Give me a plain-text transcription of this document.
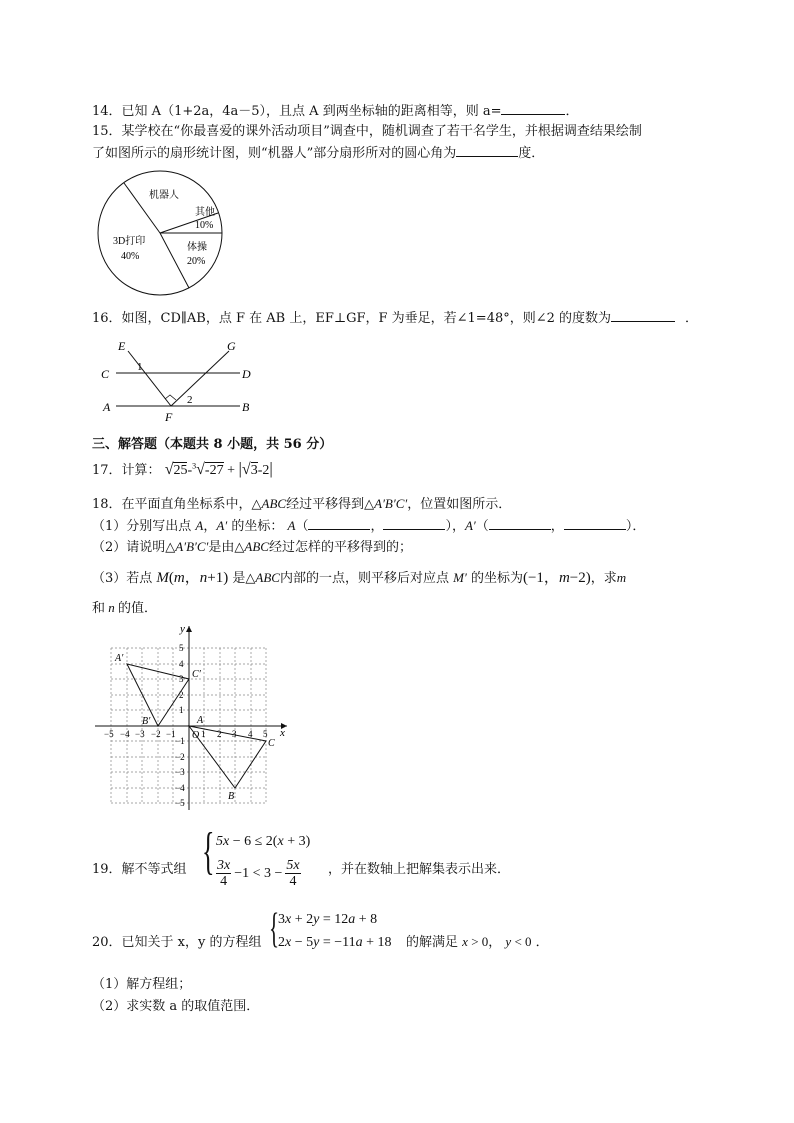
14．已知 A（1+2a，4a－5），且点 A 到两坐标轴的距离相等，则 a=	．
15．某学校在“你最喜爱的课外活动项目”调查中，随机调查了若干名学生，并根据调查结果绘制
了如图所示的扇形统计图，则“机器人”部分扇形所对的圆心角为	度．
机器人
其他
10%
3D打印
40%
体操
20%
16．如图，CD∥AB，点 F 在 AB 上，EF⊥GF，F 为垂足，若∠1=48°，则∠2 的度数为	．
E	G
C	D
A	B
F
1
2
三、解答题（本题共 8 小题，共 56 分）
17．计算： √25-$^3$√-27 + |√3-2|
18．在平面直角坐标系中，△ABC经过平移得到△A′B′C′，位置如图所示．
（1）分别写出点 A，A′ 的坐标： A（	，	），A′（	，	）．
（2）请说明△A′B′C′是由△ABC经过怎样的平移得到的；
（3）若点 M(m，n+1) 是△ABC内部的一点，则平移后对应点 M′ 的坐标为(−1，m−2)，求m
和 n 的值．
y
x
O
−5 −4 −3 −2 −1	1 2 3 4 5
5
4
3
2
1
−1
−2
−3
−4
−5
A′
B′
C′
A
B
C
{ 5x − 6 ≤ 2(x + 3)
3x
4
$-1 < 3 - \frac{5x}{4}$
19．解不等式组	，并在数轴上把解集表示出来．
20．已知关于 x，y 的方程组 {
3x + 2y = 12a + 8
2x − 5y = −11a + 18 的解满足 x > 0， y < 0 ．
（1）解方程组；
（2）求实数 a 的取值范围．
